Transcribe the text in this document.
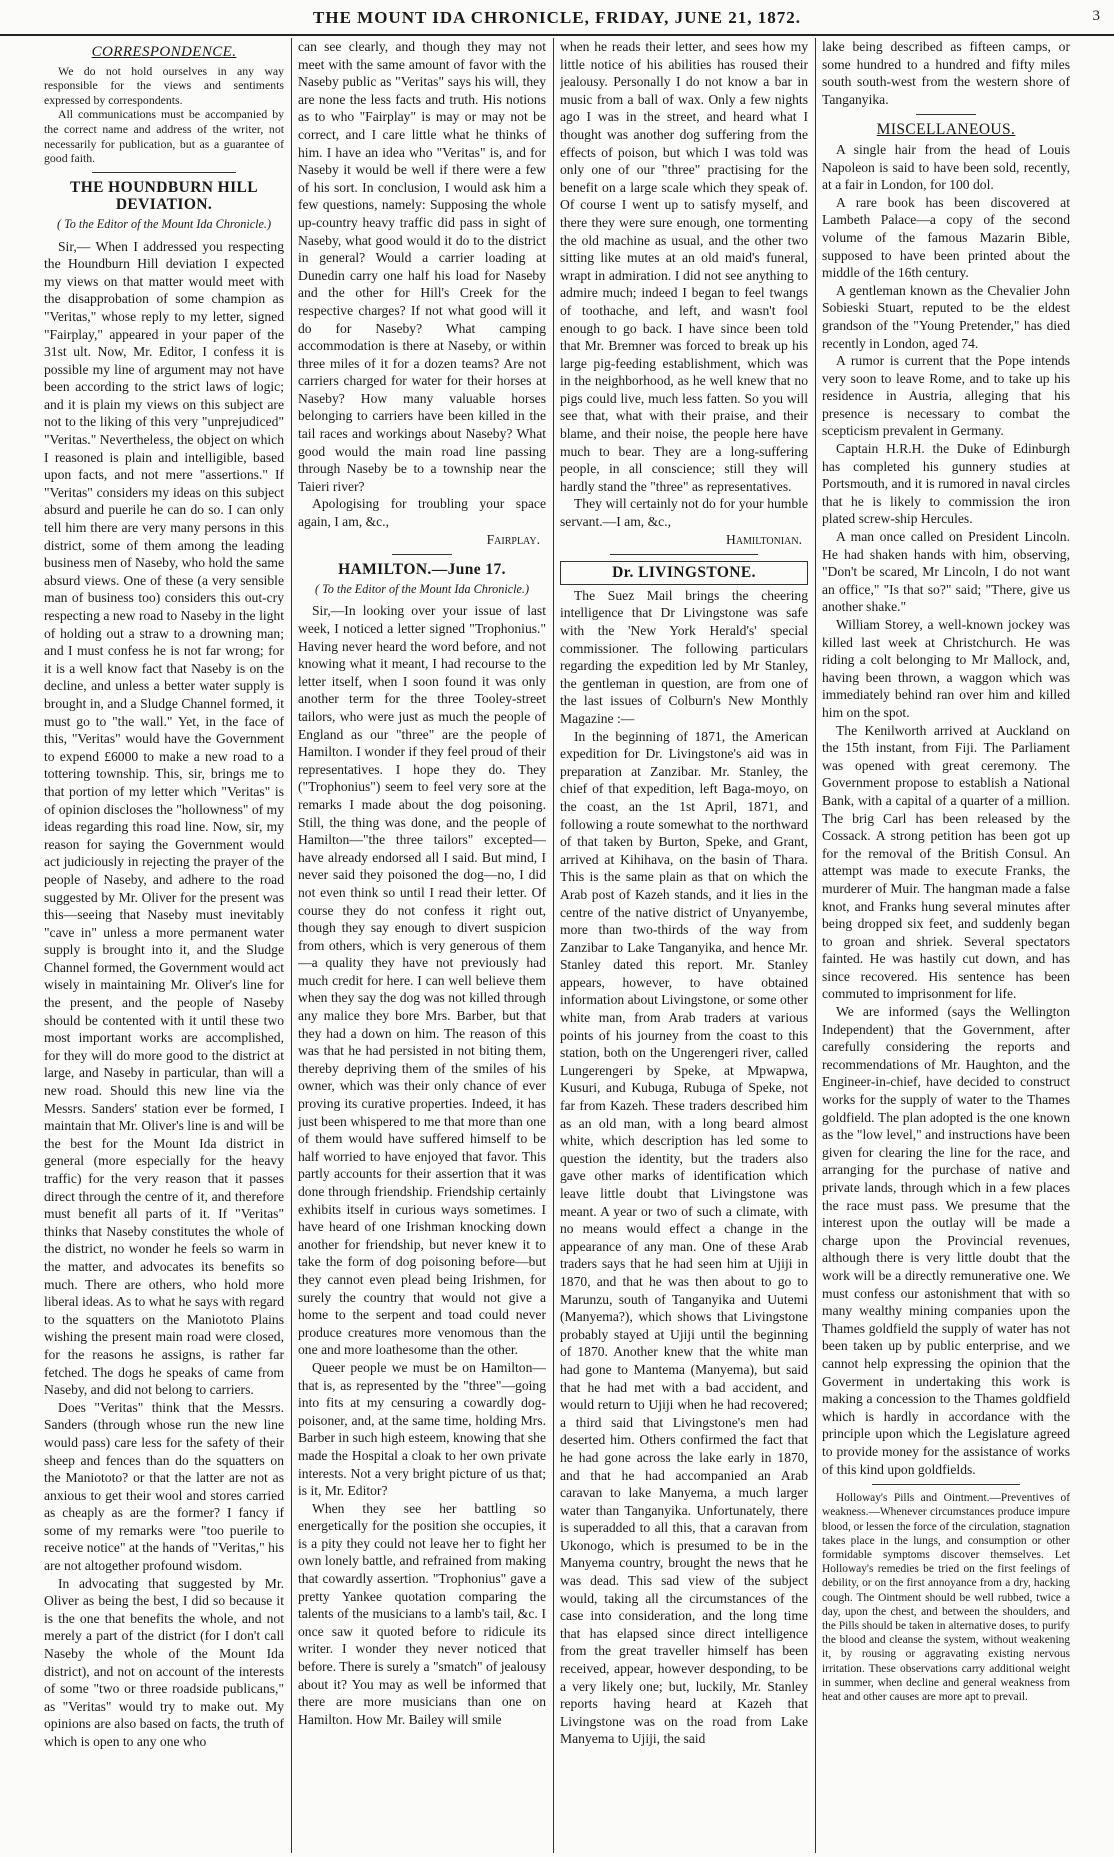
THE MOUNT IDA CHRONICLE, FRIDAY, JUNE 21, 1872.	3
CORRESPONDENCE.

We do not hold ourselves in any way responsible for the views and sentiments expressed by correspondents.

All communications must be accompanied by the correct name and address of the writer, not necessarily for publication, but as a guarantee of good faith.

THE HOUNDBURN HILL DEVIATION.
( To the Editor of the Mount Ida Chronicle.)

Sir,— When I addressed you respecting the Houndburn Hill deviation I expected my views on that matter would meet with the disapprobation of some champion as "Veritas," whose reply to my letter, signed "Fairplay," appeared in your paper of the 31st ult. Now, Mr. Editor, I confess it is possible my line of argument may not have been according to the strict laws of logic; and it is plain my views on this subject are not to the liking of this very "unprejudiced" "Veritas." Nevertheless, the object on which I reasoned is plain and intelligible, based upon facts, and not mere "assertions." If "Veritas" considers my ideas on this subject absurd and puerile he can do so. I can only tell him there are very many persons in this district, some of them among the leading business men of Naseby, who hold the same absurd views. One of these (a very sensible man of business too) considers this out-cry respecting a new road to Naseby in the light of holding out a straw to a drowning man; and I must confess he is not far wrong; for it is a well know fact that Naseby is on the decline, and unless a better water supply is brought in, and a Sludge Channel formed, it must go to "the wall." Yet, in the face of this, "Veritas" would have the Government to expend £6000 to make a new road to a tottering township. This, sir, brings me to that portion of my letter which "Veritas" is of opinion discloses the "hollowness" of my ideas regarding this road line. Now, sir, my reason for saying the Government would act judiciously in rejecting the prayer of the people of Naseby, and adhere to the road suggested by Mr. Oliver for the present was this—seeing that Naseby must inevitably "cave in" unless a more permanent water supply is brought into it, and the Sludge Channel formed, the Government would act wisely in maintaining Mr. Oliver's line for the present, and the people of Naseby should be contented with it until these two most important works are accomplished, for they will do more good to the district at large, and Naseby in particular, than will a new road. Should this new line via the Messrs. Sanders' station ever be formed, I maintain that Mr. Oliver's line is and will be the best for the Mount Ida district in general (more especially for the heavy traffic) for the very reason that it passes direct through the centre of it, and therefore must benefit all parts of it. If "Veritas" thinks that Naseby constitutes the whole of the district, no wonder he feels so warm in the matter, and advocates its benefits so much. There are others, who hold more liberal ideas. As to what he says with regard to the squatters on the Maniototo Plains wishing the present main road were closed, for the reasons he assigns, is rather far fetched. The dogs he speaks of came from Naseby, and did not belong to carriers.

Does "Veritas" think that the Messrs. Sanders (through whose run the new line would pass) care less for the safety of their sheep and fences than do the squatters on the Maniototo? or that the latter are not as anxious to get their wool and stores carried as cheaply as are the former? I fancy if some of my remarks were "too puerile to receive notice" at the hands of "Veritas," his are not altogether profound wisdom.

In advocating that suggested by Mr. Oliver as being the best, I did so because it is the one that benefits the whole, and not merely a part of the district (for I don't call Naseby the whole of the Mount Ida district), and not on account of the interests of some "two or three roadside publicans," as "Veritas" would try to make out. My opinions are also based on facts, the truth of which is open to any one who

can see clearly, and though they may not meet with the same amount of favor with the Naseby public as "Veritas" says his will, they are none the less facts and truth. His notions as to who "Fairplay" is may or may not be correct, and I care little what he thinks of him. I have an idea who "Veritas" is, and for Naseby it would be well if there were a few of his sort. In conclusion, I would ask him a few questions, namely: Supposing the whole up-country heavy traffic did pass in sight of Naseby, what good would it do to the district in general? Would a carrier loading at Dunedin carry one half his load for Naseby and the other for Hill's Creek for the respective charges? If not what good will it do for Naseby? What camping accommodation is there at Naseby, or within three miles of it for a dozen teams? Are not carriers charged for water for their horses at Naseby? How many valuable horses belonging to carriers have been killed in the tail races and workings about Naseby? What good would the main road line passing through Naseby be to a township near the Taieri river?

Apologising for troubling your space again, I am, &c.,

Fairplay.
HAMILTON.—June 17.
( To the Editor of the Mount Ida Chronicle.)

Sir,—In looking over your issue of last week, I noticed a letter signed "Trophonius." Having never heard the word before, and not knowing what it meant, I had recourse to the letter itself, when I soon found it was only another term for the three Tooley-street tailors, who were just as much the people of England as our "three" are the people of Hamilton. I wonder if they feel proud of their representatives. I hope they do. They ("Trophonius") seem to feel very sore at the remarks I made about the dog poisoning. Still, the thing was done, and the people of Hamilton—"the three tailors" excepted—have already endorsed all I said. But mind, I never said they poisoned the dog—no, I did not even think so until I read their letter. Of course they do not confess it right out, though they say enough to divert suspicion from others, which is very generous of them—a quality they have not previously had much credit for here. I can well believe them when they say the dog was not killed through any malice they bore Mrs. Barber, but that they had a down on him. The reason of this was that he had persisted in not biting them, thereby depriving them of the smiles of his owner, which was their only chance of ever proving its curative properties. Indeed, it has just been whispered to me that more than one of them would have suffered himself to be half worried to have enjoyed that favor. This partly accounts for their assertion that it was done through friendship. Friendship certainly exhibits itself in curious ways sometimes. I have heard of one Irishman knocking down another for friendship, but never knew it to take the form of dog poisoning before—but they cannot even plead being Irishmen, for surely the country that would not give a home to the serpent and toad could never produce creatures more venomous than the one and more loathesome than the other.

Queer people we must be on Hamilton—that is, as represented by the "three"—going into fits at my censuring a cowardly dog-poisoner, and, at the same time, holding Mrs. Barber in such high esteem, knowing that she made the Hospital a cloak to her own private interests. Not a very bright picture of us that; is it, Mr. Editor?

When they see her battling so energetically for the position she occupies, it is a pity they could not leave her to fight her own lonely battle, and refrained from making that cowardly assertion. "Trophonius" gave a pretty Yankee quotation comparing the talents of the musicians to a lamb's tail, &c. I once saw it quoted before to ridicule its writer. I wonder they never noticed that before. There is surely a "smatch" of jealousy about it? You may as well be informed that there are more musicians than one on Hamilton. How Mr. Bailey will smile

when he reads their letter, and sees how my little notice of his abilities has roused their jealousy. Personally I do not know a bar in music from a ball of wax. Only a few nights ago I was in the street, and heard what I thought was another dog suffering from the effects of poison, but which I was told was only one of our "three" practising for the benefit on a large scale which they speak of. Of course I went up to satisfy myself, and there they were sure enough, one tormenting the old machine as usual, and the other two sitting like mutes at an old maid's funeral, wrapt in admiration. I did not see anything to admire much; indeed I began to feel twangs of toothache, and left, and wasn't fool enough to go back. I have since been told that Mr. Bremner was forced to break up his large pig-feeding establishment, which was in the neighborhood, as he well knew that no pigs could live, much less fatten. So you will see that, what with their praise, and their blame, and their noise, the people here have much to bear. They are a long-suffering people, in all conscience; still they will hardly stand the "three" as representatives.

They will certainly not do for your humble servant.—I am, &c.,

Hamiltonian.
Dr. LIVINGSTONE.

The Suez Mail brings the cheering intelligence that Dr Livingstone was safe with the 'New York Herald's' special commissioner. The following particulars regarding the expedition led by Mr Stanley, the gentleman in question, are from one of the last issues of Colburn's New Monthly Magazine :—

In the beginning of 1871, the American expedition for Dr. Livingstone's aid was in preparation at Zanzibar. Mr. Stanley, the chief of that expedition, left Baga-moyo, on the coast, an the 1st April, 1871, and following a route somewhat to the northward of that taken by Burton, Speke, and Grant, arrived at Kihihava, on the basin of Thara. This is the same plain as that on which the Arab post of Kazeh stands, and it lies in the centre of the native district of Unyanyembe, more than two-thirds of the way from Zanzibar to Lake Tanganyika, and hence Mr. Stanley dated this report. Mr. Stanley appears, however, to have obtained information about Livingstone, or some other white man, from Arab traders at various points of his journey from the coast to this station, both on the Ungerengeri river, called Lungerengeri by Speke, at Mpwapwa, Kusuri, and Kubuga, Rubuga of Speke, not far from Kazeh. These traders described him as an old man, with a long beard almost white, which description has led some to question the identity, but the traders also gave other marks of identification which leave little doubt that Livingstone was meant. A year or two of such a climate, with no means would effect a change in the appearance of any man. One of these Arab traders says that he had seen him at Ujiji in 1870, and that he was then about to go to Marunzu, south of Tanganyika and Uutemi (Manyema?), which shows that Livingstone probably stayed at Ujiji until the beginning of 1870. Another knew that the white man had gone to Mantema (Manyema), but said that he had met with a bad accident, and would return to Ujiji when he had recovered; a third said that Livingstone's men had deserted him. Others confirmed the fact that he had gone across the lake early in 1870, and that he had accompanied an Arab caravan to lake Manyema, a much larger water than Tanganyika. Unfortunately, there is superadded to all this, that a caravan from Ukonogo, which is presumed to be in the Manyema country, brought the news that he was dead. This sad view of the subject would, taking all the circumstances of the case into consideration, and the long time that has elapsed since direct intelligence from the great traveller himself has been received, appear, however desponding, to be a very likely one; but, luckily, Mr. Stanley reports having heard at Kazeh that Livingstone was on the road from Lake Manyema to Ujiji, the said

lake being described as fifteen camps, or some hundred to a hundred and fifty miles south south-west from the western shore of Tanganyika.

MISCELLANEOUS.

A single hair from the head of Louis Napoleon is said to have been sold, recently, at a fair in London, for 100 dol.

A rare book has been discovered at Lambeth Palace—a copy of the second volume of the famous Mazarin Bible, supposed to have been printed about the middle of the 16th century.

A gentleman known as the Chevalier John Sobieski Stuart, reputed to be the eldest grandson of the "Young Pretender," has died recently in London, aged 74.

A rumor is current that the Pope intends very soon to leave Rome, and to take up his residence in Austria, alleging that his presence is necessary to combat the scepticism prevalent in Germany.

Captain H.R.H. the Duke of Edinburgh has completed his gunnery studies at Portsmouth, and it is rumored in naval circles that he is likely to commission the iron plated screw-ship Hercules.

A man once called on President Lincoln. He had shaken hands with him, observing, "Don't be scared, Mr Lincoln, I do not want an office," "Is that so?" said; "There, give us another shake."

William Storey, a well-known jockey was killed last week at Christchurch. He was riding a colt belonging to Mr Mallock, and, having been thrown, a waggon which was immediately behind ran over him and killed him on the spot.

The Kenilworth arrived at Auckland on the 15th instant, from Fiji. The Parliament was opened with great ceremony. The Government propose to establish a National Bank, with a capital of a quarter of a million. The brig Carl has been released by the Cossack. A strong petition has been got up for the removal of the British Consul. An attempt was made to execute Franks, the murderer of Muir. The hangman made a false knot, and Franks hung several minutes after being dropped six feet, and suddenly began to groan and shriek. Several spectators fainted. He was hastily cut down, and has since recovered. His sentence has been commuted to imprisonment for life.

We are informed (says the Wellington Independent) that the Government, after carefully considering the reports and recommendations of Mr. Haughton, and the Engineer-in-chief, have decided to construct works for the supply of water to the Thames goldfield. The plan adopted is the one known as the "low level," and instructions have been given for clearing the line for the race, and arranging for the purchase of native and private lands, through which in a few places the race must pass. We presume that the interest upon the outlay will be made a charge upon the Provincial revenues, although there is very little doubt that the work will be a directly remunerative one. We must confess our astonishment that with so many wealthy mining companies upon the Thames goldfield the supply of water has not been taken up by public enterprise, and we cannot help expressing the opinion that the Goverment in undertaking this work is making a concession to the Thames goldfield which is hardly in accordance with the principle upon which the Legislature agreed to provide money for the assistance of works of this kind upon goldfields.

Holloway's Pills and Ointment.—Preventives of weakness.—Whenever circumstances produce impure blood, or lessen the force of the circulation, stagnation takes place in the lungs, and consumption or other formidable symptoms discover themselves. Let Holloway's remedies be tried on the first feelings of debility, or on the first annoyance from a dry, hacking cough. The Ointment should be well rubbed, twice a day, upon the chest, and between the shoulders, and the Pills should be taken in alternative doses, to purify the blood and cleanse the system, without weakening it, by rousing or aggravating existing nervous irritation. These observations carry additional weight in summer, when decline and general weakness from heat and other causes are more apt to prevail.
